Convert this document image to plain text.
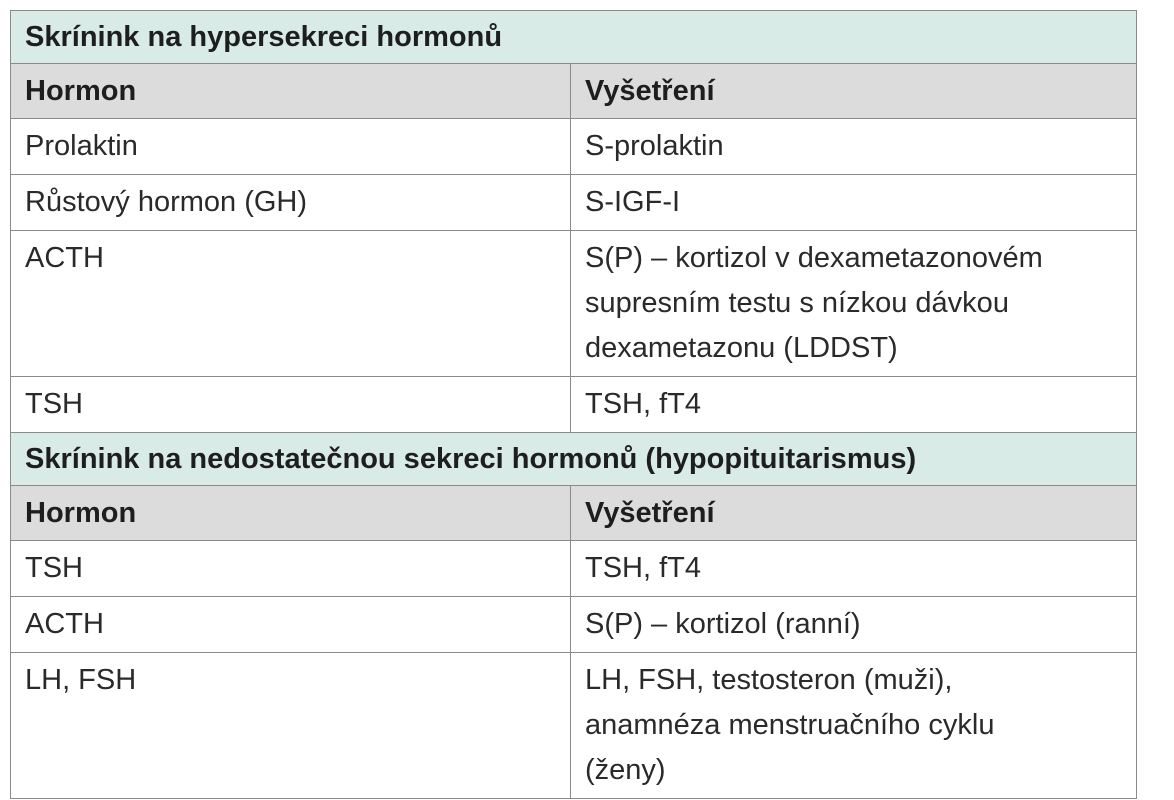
Skrínink na hypersekreci hormonů	
Hormon	Vyšetření
Prolaktin	S-prolaktin

Růstový hormon (GH)	S-IGF-I

ACTH	S(P) – kortizol v dexametazonovém
supresním testu s nízkou dávkou
dexametazonu (LDDST)

TSH	TSH, fT4

Skrínink na nedostatečnou sekreci hormonů (hypopituitarismus)	
Hormon	Vyšetření
TSH	TSH, fT4

ACTH	S(P) – kortizol (ranní)

LH, FSH	LH, FSH, testosteron (muži),
anamnéza menstruačního cyklu
(ženy)
